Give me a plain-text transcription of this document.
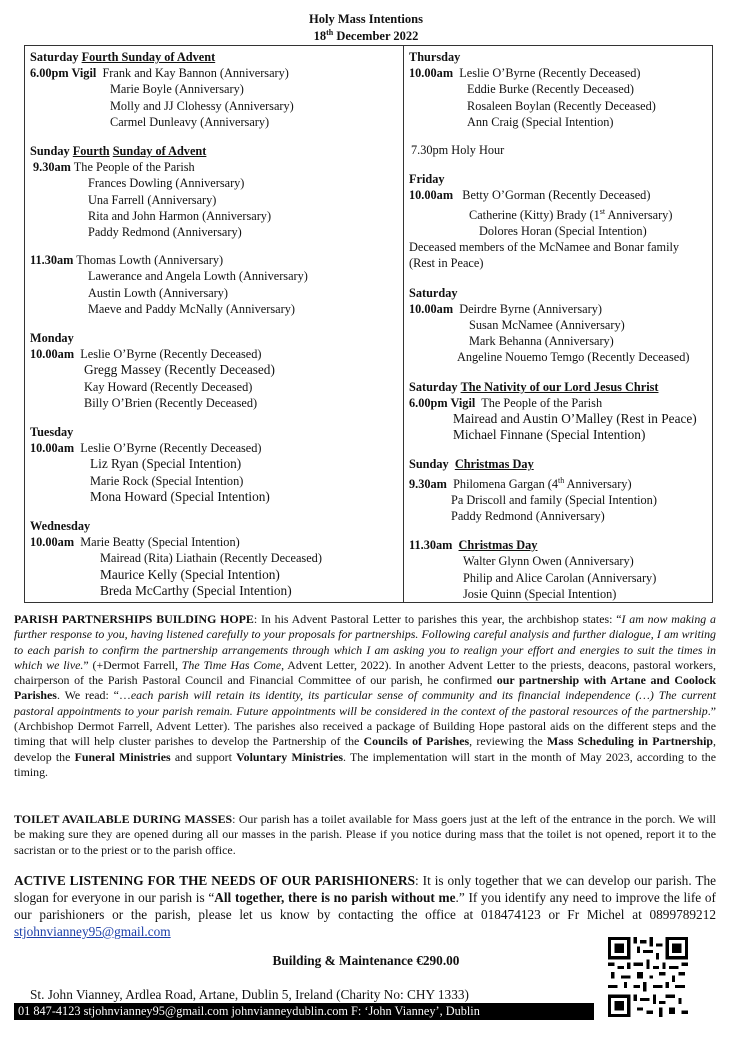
Holy Mass Intentions
18th December 2022
Saturday Fourth Sunday of Advent
6.00pm Vigil Frank and Kay Bannon (Anniversary)
Marie Boyle (Anniversary)
Molly and JJ Clohessy (Anniversary)
Carmel Dunleavy (Anniversary)
Sunday Fourth Sunday of Advent
9.30am The People of the Parish
Frances Dowling (Anniversary)
Una Farrell (Anniversary)
Rita and John Harmon (Anniversary)
Paddy Redmond (Anniversary)
11.30am Thomas Lowth (Anniversary)
Lawerance and Angela Lowth (Anniversary)
Austin Lowth (Anniversary)
Maeve and Paddy McNally (Anniversary)
Monday
10.00am Leslie O’Byrne (Recently Deceased)
Gregg Massey (Recently Deceased)
Kay Howard (Recently Deceased)
Billy O’Brien (Recently Deceased)
Tuesday
10.00am Leslie O’Byrne (Recently Deceased)
Liz Ryan (Special Intention)
Marie Rock (Special Intention)
Mona Howard (Special Intention)
Wednesday
10.00am Marie Beatty (Special Intention)
Mairead (Rita) Liathain (Recently Deceased)
Maurice Kelly (Special Intention)
Breda McCarthy (Special Intention)
Thursday
10.00am Leslie O’Byrne (Recently Deceased)
Eddie Burke (Recently Deceased)
Rosaleen Boylan (Recently Deceased)
Ann Craig (Special Intention)
7.30pm Holy Hour
Friday
10.00am Betty O’Gorman (Recently Deceased)
Catherine (Kitty) Brady (1st Anniversary)
Dolores Horan (Special Intention)
Deceased members of the McNamee and Bonar family
(Rest in Peace)
Saturday
10.00am Deirdre Byrne (Anniversary)
Susan McNamee (Anniversary)
Mark Behanna (Anniversary)
Angeline Nouemo Temgo (Recently Deceased)
Saturday The Nativity of our Lord Jesus Christ
6.00pm Vigil The People of the Parish
Mairead and Austin O’Malley (Rest in Peace)
Michael Finnane (Special Intention)
Sunday Christmas Day
9.30am Philomena Gargan (4th Anniversary)
Pa Driscoll and family (Special Intention)
Paddy Redmond (Anniversary)
11.30am Christmas Day
Walter Glynn Owen (Anniversary)
Philip and Alice Carolan (Anniversary)
Josie Quinn (Special Intention)
PARISH PARTNERSHIPS BUILDING HOPE: In his Advent Pastoral Letter to parishes this year, the archbishop states: “I am now making a further response to you, having listened carefully to your proposals for partnerships. Following careful analysis and further dialogue, I am writing to each parish to confirm the partnership arrangements through which I am asking you to realign your effort and energies to suit the times in which we live.” (+Dermot Farrell, The Time Has Come, Advent Letter, 2022). In another Advent Letter to the priests, deacons, pastoral workers, chairperson of the Parish Pastoral Council and Financial Committee of our parish, he confirmed our partnership with Artane and Coolock Parishes. We read: “…each parish will retain its identity, its particular sense of community and its financial independence (…) The current pastoral appointments to your parish remain. Future appointments will be considered in the context of the pastoral resources of the partnership.” (Archbishop Dermot Farrell, Advent Letter). The parishes also received a package of Building Hope pastoral aids on the different steps and the timing that will help cluster parishes to develop the Partnership of the Councils of Parishes, reviewing the Mass Scheduling in Partnership, develop the Funeral Ministries and support Voluntary Ministries. The implementation will start in the month of May 2023, according to the timing.
TOILET AVAILABLE DURING MASSES: Our parish has a toilet available for Mass goers just at the left of the entrance in the porch. We will be making sure they are opened during all our masses in the parish. Please if you notice during mass that the toilet is not opened, report it to the sacristan or to the priest or to the parish office.
ACTIVE LISTENING FOR THE NEEDS OF OUR PARISHIONERS: It is only together that we can develop our parish. The slogan for everyone in our parish is “All together, there is no parish without me.” If you identify any need to improve the life of our parishioners or the parish, please let us know by contacting the office at 018474123 or Fr Michel at 0899789212 stjohnvianney95@gmail.com
Building & Maintenance €290.00
St. John Vianney, Ardlea Road, Artane, Dublin 5, Ireland (Charity No: CHY 1333)
01 847-4123 stjohnvianney95@gmail.com johnvianneydublin.com F: ‘John Vianney’, Dublin
